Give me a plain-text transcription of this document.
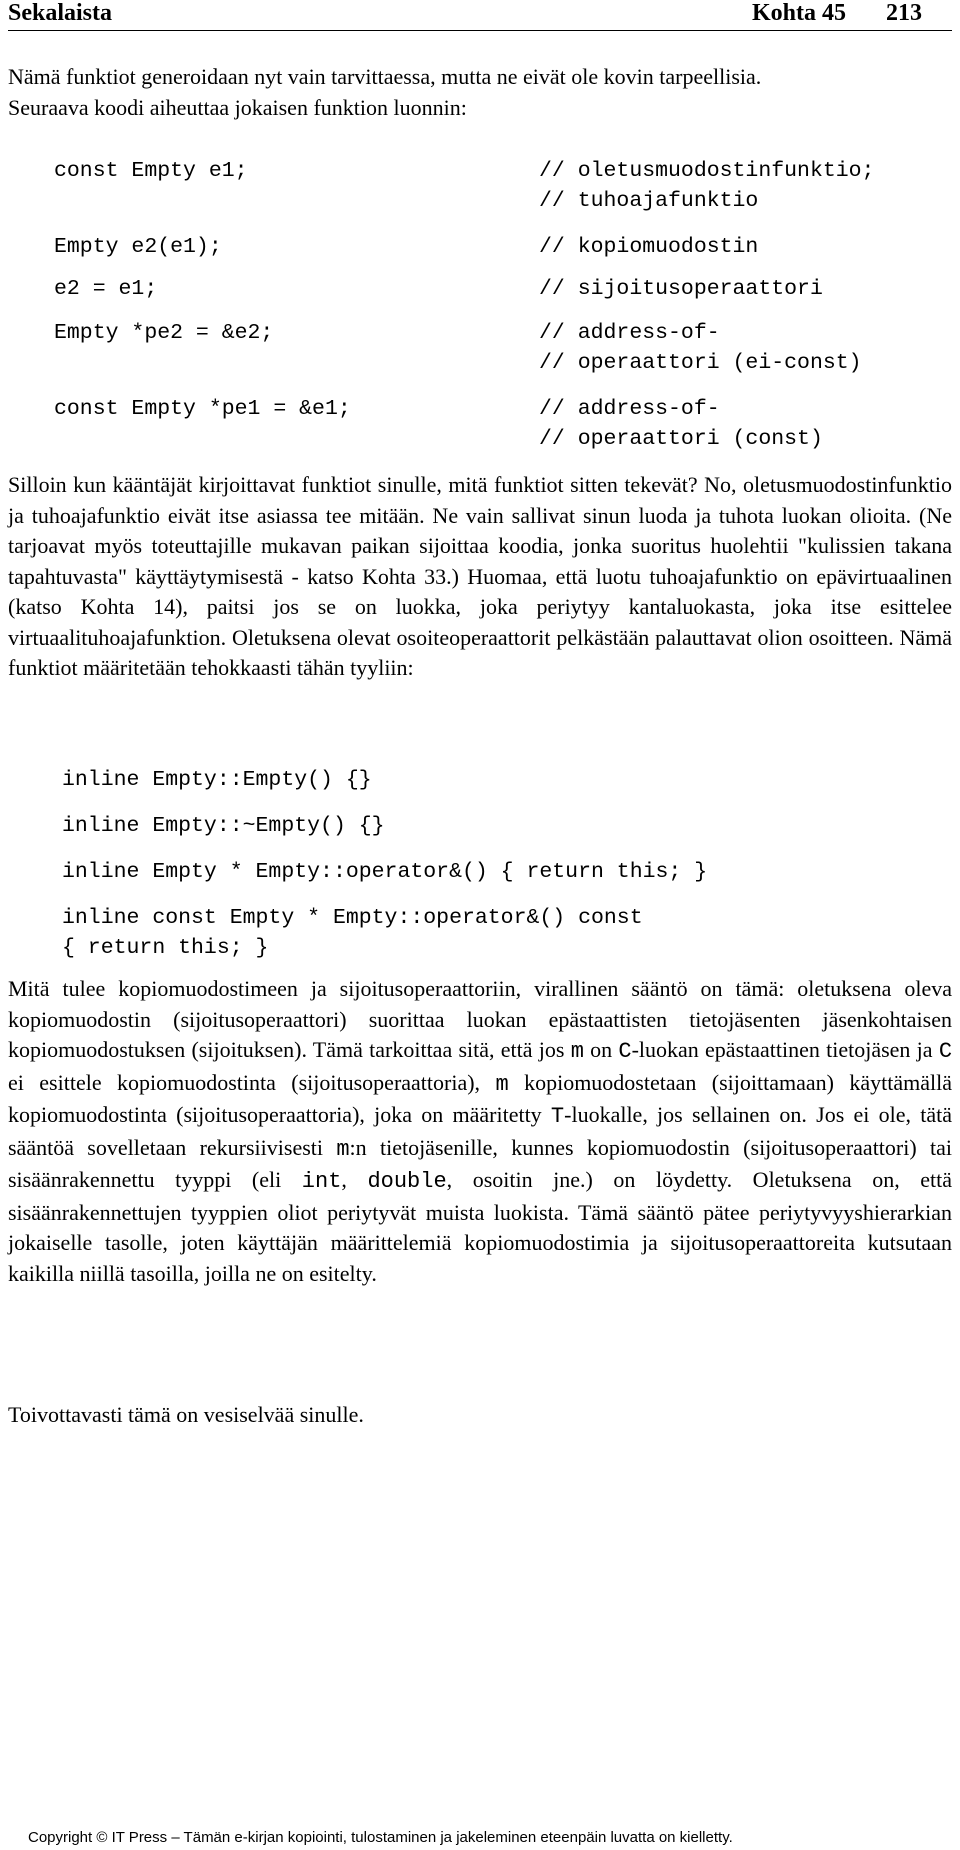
Sekalaista	Kohta 45 213

Nämä funktiot generoidaan nyt vain tarvittaessa, mutta ne eivät ole kovin tarpeellisia.
Seuraava koodi aiheuttaa jokaisen funktion luonnin:

const Empty e1;	// oletusmuodostinfunktio;
// tuhoajafunktio
Empty e2(e1);	// kopiomuodostin
e2 = e1;	// sijoitusoperaattori
Empty *pe2 = &e2;	// address-of-
// operaattori (ei-const)
const Empty *pe1 = &e1;	// address-of-
// operaattori (const)

Silloin kun kääntäjät kirjoittavat funktiot sinulle, mitä funktiot sitten tekevät? No, oletusmuodostinfunktio ja tuhoajafunktio eivät itse asiassa tee mitään. Ne vain sallivat sinun luoda ja tuhota luokan olioita. (Ne tarjoavat myös toteuttajille mukavan paikan sijoittaa koodia, jonka suoritus huolehtii "kulissien takana tapahtuvasta" käyttäytymisestä - katso Kohta 33.) Huomaa, että luotu tuhoajafunktio on epävirtuaalinen (katso Kohta 14), paitsi jos se on luokka, joka periytyy kantaluokasta, joka itse esittelee virtuaalituhoajafunktion. Oletuksena olevat osoiteoperaattorit pelkästään palauttavat olion osoitteen. Nämä funktiot määritetään tehokkaasti tähän tyyliin:

inline Empty::Empty() {}
inline Empty::~Empty() {}
inline Empty * Empty::operator&() { return this; }
inline const Empty * Empty::operator&() const
{ return this; }

Mitä tulee kopiomuodostimeen ja sijoitusoperaattoriin, virallinen sääntö on tämä: oletuksena oleva kopiomuodostin (sijoitusoperaattori) suorittaa luokan epästaattisten tietojäsenten jäsenkohtaisen kopiomuodostuksen (sijoituksen). Tämä tarkoittaa sitä, että jos m on C-luokan epästaattinen tietojäsen ja C ei esittele kopiomuodostinta (sijoitusoperaattoria), m kopiomuodostetaan (sijoittamaan) käyttämällä kopiomuodostinta (sijoitusoperaattoria), joka on määritetty T-luokalle, jos sellainen on. Jos ei ole, tätä sääntöä sovelletaan rekursiivisesti m:n tietojäsenille, kunnes kopiomuodostin (sijoitusoperaattori) tai sisäänrakennettu tyyppi (eli int, double, osoitin jne.) on löydetty. Oletuksena on, että sisäänrakennettujen tyyppien oliot periytyvät muista luokista. Tämä sääntö pätee periytyvyyshierarkian jokaiselle tasolle, joten käyttäjän määrittelemiä kopiomuodostimia ja sijoitusoperaattoreita kutsutaan kaikilla niillä tasoilla, joilla ne on esitelty.

Toivottavasti tämä on vesiselvää sinulle.

Copyright © IT Press – Tämän e-kirjan kopiointi, tulostaminen ja jakeleminen eteenpäin luvatta on kielletty.
